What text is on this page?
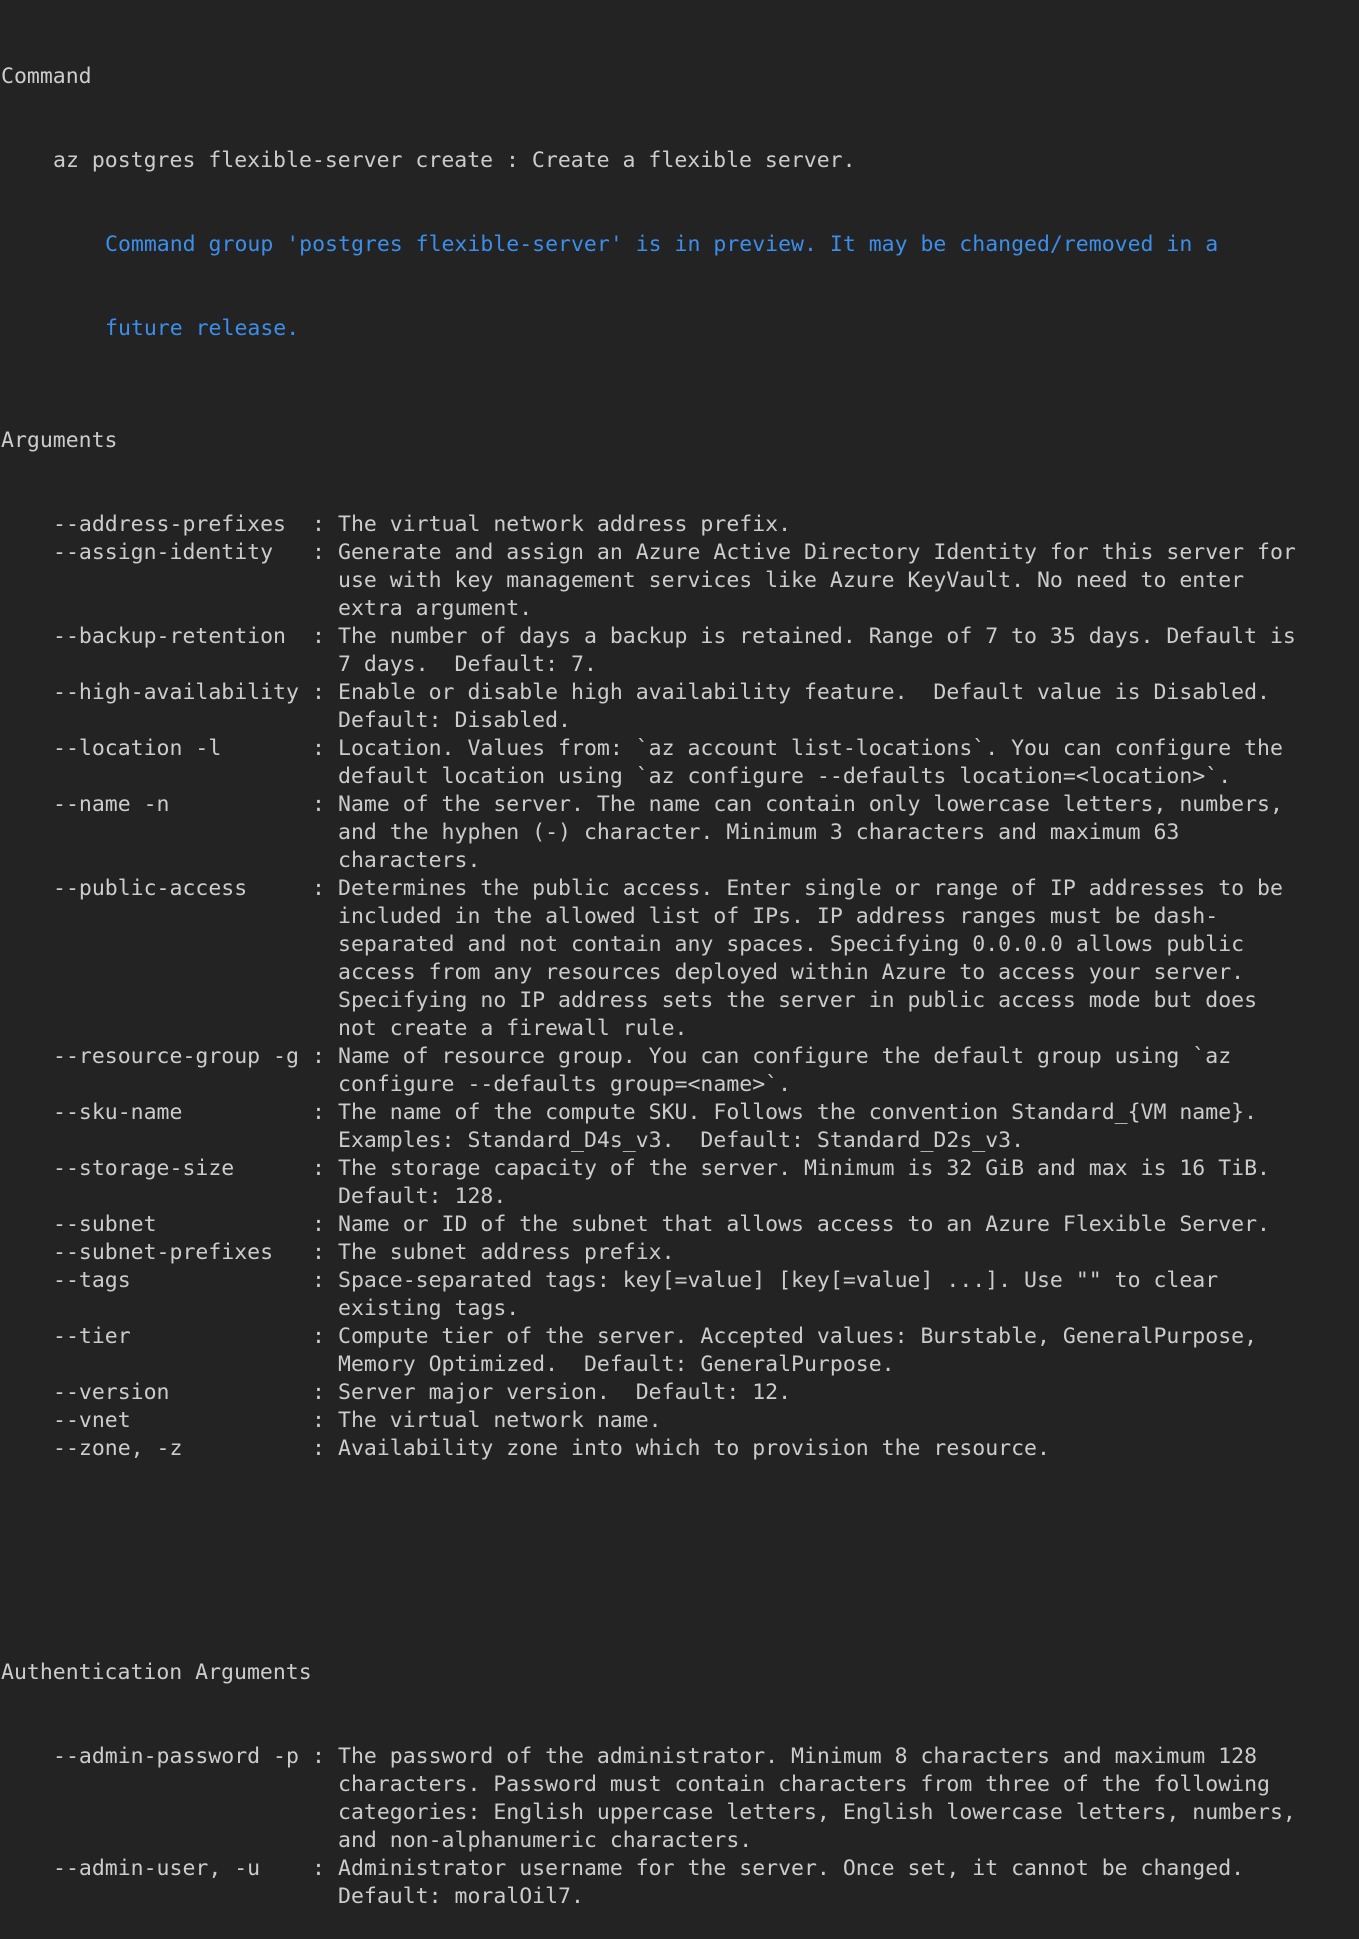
Command

az postgres flexible-server create : Create a flexible server.

Command group 'postgres flexible-server' is in preview. It may be changed/removed in a

future release.

Arguments

--address-prefixes	: The virtual network address prefix.
--assign-identity	: Generate and assign an Azure Active Directory Identity for this server for
use with key management services like Azure KeyVault. No need to enter
extra argument.
--backup-retention	: The number of days a backup is retained. Range of 7 to 35 days. Default is
7 days.  Default: 7.
--high-availability : Enable or disable high availability feature.  Default value is Disabled.
Default: Disabled.
--location -l	: Location. Values from: `az account list-locations`. You can configure the
default location using `az configure --defaults location=<location>`.
--name -n	: Name of the server. The name can contain only lowercase letters, numbers,
and the hyphen (-) character. Minimum 3 characters and maximum 63
characters.
--public-access	: Determines the public access. Enter single or range of IP addresses to be
included in the allowed list of IPs. IP address ranges must be dash-
separated and not contain any spaces. Specifying 0.0.0.0 allows public
access from any resources deployed within Azure to access your server.
Specifying no IP address sets the server in public access mode but does
not create a firewall rule.
--resource-group -g : Name of resource group. You can configure the default group using `az
configure --defaults group=<name>`.
--sku-name	: The name of the compute SKU. Follows the convention Standard_{VM name}.
Examples: Standard_D4s_v3.  Default: Standard_D2s_v3.
--storage-size	: The storage capacity of the server. Minimum is 32 GiB and max is 16 TiB.
Default: 128.
--subnet	: Name or ID of the subnet that allows access to an Azure Flexible Server.
--subnet-prefixes	: The subnet address prefix.
--tags	: Space-separated tags: key[=value] [key[=value] ...]. Use "" to clear
existing tags.
--tier	: Compute tier of the server. Accepted values: Burstable, GeneralPurpose,
Memory Optimized.  Default: GeneralPurpose.
--version	: Server major version.  Default: 12.
--vnet	: The virtual network name.
--zone, -z	: Availability zone into which to provision the resource.

Authentication Arguments

--admin-password -p : The password of the administrator. Minimum 8 characters and maximum 128
characters. Password must contain characters from three of the following
categories: English uppercase letters, English lowercase letters, numbers,
and non-alphanumeric characters.
--admin-user, -u	: Administrator username for the server. Once set, it cannot be changed.
Default: moralOil7.
